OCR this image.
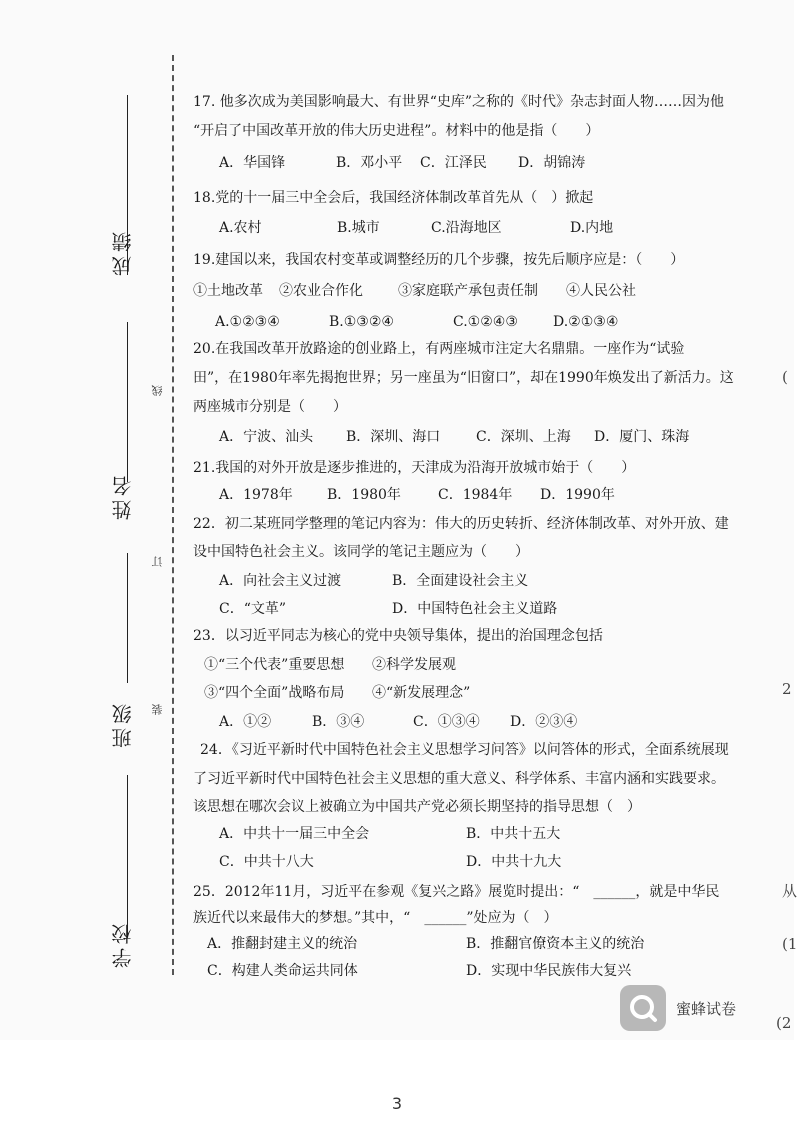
成绩
姓名
班级
学校
线
订
装
(
2
从
(1
(2
17. 他多次成为美国影响最大、有世界“史库”之称的《时代》杂志封面人物……因为他
“开启了中国改革开放的伟大历史进程”。材料中的他是指（　　）
A．华国锋	B．邓小平 C．江泽民 D．胡锦涛
18.党的十一届三中全会后，我国经济体制改革首先从（　）掀起
A.农村	B.城市	C.沿海地区	D.内地
19.建国以来，我国农村变革或调整经历的几个步骤，按先后顺序应是：（　　）
①土地改革 ②农业合作化	③家庭联产承包责任制 ④人民公社
A.①②③④	B.①③②④	C.①②④③	D.②①③④
20.在我国改革开放路途的创业路上，有两座城市注定大名鼎鼎。一座作为“试验
田”，在1980年率先揭抱世界；另一座虽为“旧窗口”，却在1990年焕发出了新活力。这
两座城市分别是（　　）
A．宁波、汕头 B．深圳、海口	C．深圳、上海 D．厦门、珠海
21.我国的对外开放是逐步推进的，天津成为沿海开放城市始于（　　）
A．1978年 B．1980年	C．1984年 D．1990年
22．初二某班同学整理的笔记内容为：伟大的历史转折、经济体制改革、对外开放、建
设中国特色社会主义。该同学的笔记主题应为（　　）
A．向社会主义过渡	B．全面建设社会主义
C．“文革”	D．中国特色社会主义道路
23．以习近平同志为核心的党中央领导集体，提出的治国理念包括
①“三个代表”重要思想 ②科学发展观
③“四个全面”战略布局 ④“新发展理念”
A．①②	B．③④	C．①③④ D．②③④
24．《习近平新时代中国特色社会主义思想学习问答》以问答体的形式，全面系统展现
了习近平新时代中国特色社会主义思想的重大意义、科学体系、丰富内涵和实践要求。
该思想在哪次会议上被确立为中国共产党必须长期坚持的指导思想（　）
A．中共十一届三中全会	B．中共十五大
C．中共十八大	D．中共十九大
25．2012年11月，习近平在参观《复兴之路》展览时提出：“　______，就是中华民
族近代以来最伟大的梦想。”其中，“　______”处应为（　）
A．推翻封建主义的统治	B．推翻官僚资本主义的统治
C．构建人类命运共同体	D．实现中华民族伟大复兴
蜜蜂试卷
3
